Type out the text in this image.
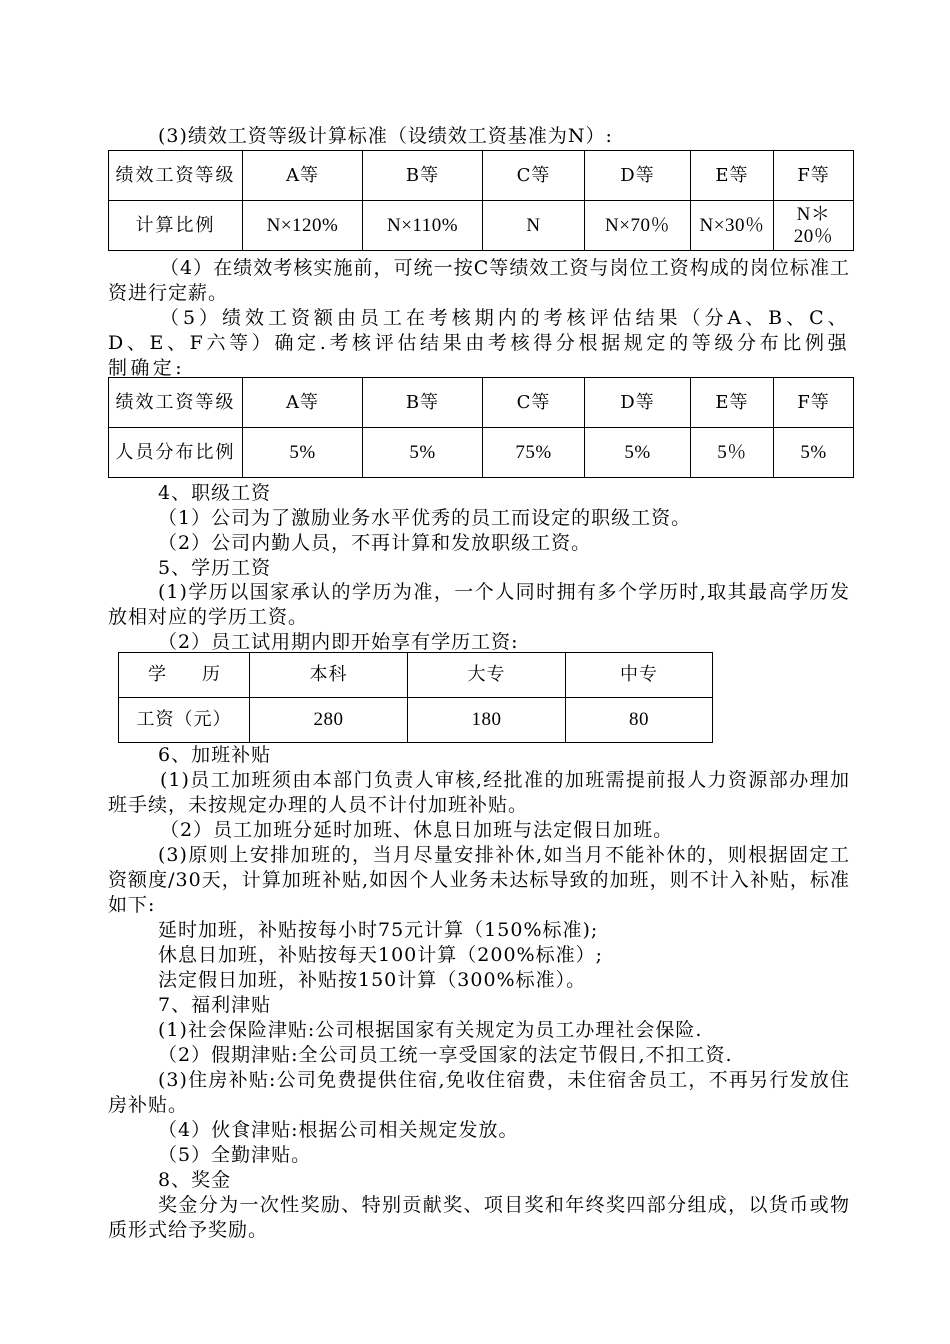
(3)绩效工资等级计算标准（设绩效工资基准为N）:

绩效工资等级	A等	B等	C等	D等	E等	F等
计算比例	N×120%	N×110%	N	N×70％	N×30％	N＊20％

（4）在绩效考核实施前，可统一按C等绩效工资与岗位工资构成的岗位标准工资进行定薪。

（5）绩效工资额由员工在考核期内的考核评估结果（分A、B、C、D、E、F六等）确定.考核评估结果由考核得分根据规定的等级分布比例强制确定:

绩效工资等级	A等	B等	C等	D等	E等	F等
人员分布比例	5%	5%	75%	5%	5％	5%

4、职级工资

（1）公司为了激励业务水平优秀的员工而设定的职级工资。

（2）公司内勤人员，不再计算和发放职级工资。

5、学历工资

(1)学历以国家承认的学历为准，一个人同时拥有多个学历时,取其最高学历发放相对应的学历工资。

（2）员工试用期内即开始享有学历工资:

学　　历	本科	大专	中专
工资（元）	280	180	80

6、加班补贴

(1)员工加班须由本部门负责人审核,经批准的加班需提前报人力资源部办理加班手续，未按规定办理的人员不计付加班补贴。

（2）员工加班分延时加班、休息日加班与法定假日加班。

(3)原则上安排加班的，当月尽量安排补休,如当月不能补休的，则根据固定工资额度/30天，计算加班补贴,如因个人业务未达标导致的加班，则不计入补贴，标准如下:

延时加班，补贴按每小时75元计算（150%标准);

休息日加班，补贴按每天100计算（200%标准）;

法定假日加班，补贴按150计算（300%标准）。

7、福利津贴

(1)社会保险津贴:公司根据国家有关规定为员工办理社会保险.

（2）假期津贴:全公司员工统一享受国家的法定节假日,不扣工资.

(3)住房补贴:公司免费提供住宿,免收住宿费，未住宿舍员工，不再另行发放住房补贴。

（4）伙食津贴:根据公司相关规定发放。

（5）全勤津贴。

8、奖金

奖金分为一次性奖励、特别贡献奖、项目奖和年终奖四部分组成，以货币或物质形式给予奖励。
